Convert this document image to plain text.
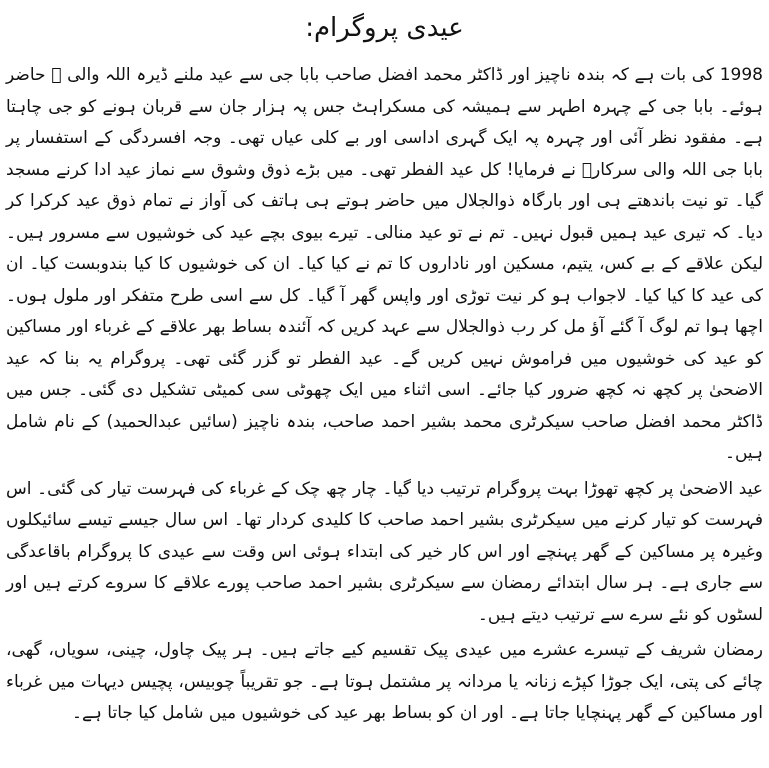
عیدی پروگرام:

1998 کی بات ہے کہ بندہ ناچیز اور ڈاکٹر محمد افضل صاحب بابا جی سے عید ملنے ڈیرہ اللہ والی ؒ حاضر ہوئے۔ بابا جی کے چہرہ اطہر سے ہمیشہ کی مسکراہٹ جس پہ ہزار جان سے قربان ہونے کو جی چاہتا ہے۔ مفقود نظر آئی اور چہرہ پہ ایک گہری اداسی اور بے کلی عیاں تھی۔ وجہ افسردگی کے استفسار پر بابا جی اللہ والی سرکارؒ نے فرمایا! کل عید الفطر تھی۔ میں بڑے ذوق وشوق سے نماز عید ادا کرنے مسجد گیا۔ تو نیت باندھتے ہی اور بارگاہ ذوالجلال میں حاضر ہوتے ہی ہاتف کی آواز نے تمام ذوق عید کرکرا کر دیا۔ کہ تیری عید ہمیں قبول نہیں۔ تم نے تو عید منالی۔ تیرے بیوی بچے عید کی خوشیوں سے مسرور ہیں۔ لیکن علاقے کے بے کس، یتیم، مسکین اور ناداروں کا تم نے کیا کیا۔ ان کی خوشیوں کا کیا بندوبست کیا۔ ان کی عید کا کیا کیا۔ لاجواب ہو کر نیت توڑی اور واپس گھر آ گیا۔ کل سے اسی طرح متفکر اور ملول ہوں۔ اچھا ہوا تم لوگ آ گئے آؤ مل کر رب ذوالجلال سے عہد کریں کہ آئندہ بساط بھر علاقے کے غرباء اور مساکین کو عید کی خوشیوں میں فراموش نہیں کریں گے۔ عید الفطر تو گزر گئی تھی۔ پروگرام یہ بنا کہ عید الاضحیٰ پر کچھ نہ کچھ ضرور کیا جائے۔ اسی اثناء میں ایک چھوٹی سی کمیٹی تشکیل دی گئی۔ جس میں ڈاکٹر محمد افضل صاحب سیکرٹری محمد بشیر احمد صاحب، بندہ ناچیز (سائیں عبدالحمید) کے نام شامل ہیں۔

عید الاضحیٰ پر کچھ تھوڑا بہت پروگرام ترتیب دیا گیا۔ چار چھ چک کے غرباء کی فہرست تیار کی گئی۔ اس فہرست کو تیار کرنے میں سیکرٹری بشیر احمد صاحب کا کلیدی کردار تھا۔ اس سال جیسے تیسے سائیکلوں وغیرہ پر مساکین کے گھر پہنچے اور اس کار خیر کی ابتداء ہوئی اس وقت سے عیدی کا پروگرام باقاعدگی سے جاری ہے۔ ہر سال ابتدائے رمضان سے سیکرٹری بشیر احمد صاحب پورے علاقے کا سروے کرتے ہیں اور لسٹوں کو نئے سرے سے ترتیب دیتے ہیں۔

رمضان شریف کے تیسرے عشرے میں عیدی پیک تقسیم کیے جاتے ہیں۔ ہر پیک چاول، چینی، سویاں، گھی، چائے کی پتی، ایک جوڑا کپڑے زنانہ یا مردانہ پر مشتمل ہوتا ہے۔ جو تقریباً چوبیس، پچیس دیہات میں غرباء اور مساکین کے گھر پہنچایا جاتا ہے۔ اور ان کو بساط بھر عید کی خوشیوں میں شامل کیا جاتا ہے۔
